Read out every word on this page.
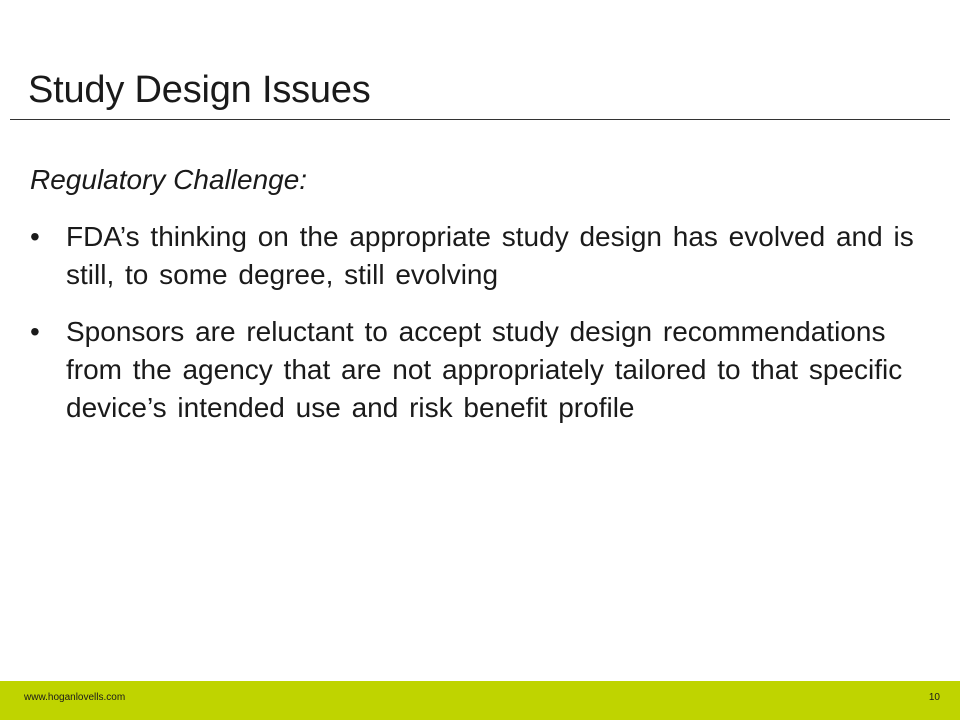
Study Design Issues

Regulatory Challenge:

• FDA’s thinking on the appropriate study design has evolved and is still, to some degree, still evolving
• Sponsors are reluctant to accept study design recommendations from the agency that are not appropriately tailored to that specific device’s intended use and risk benefit profile
www.hoganlovells.com	10
